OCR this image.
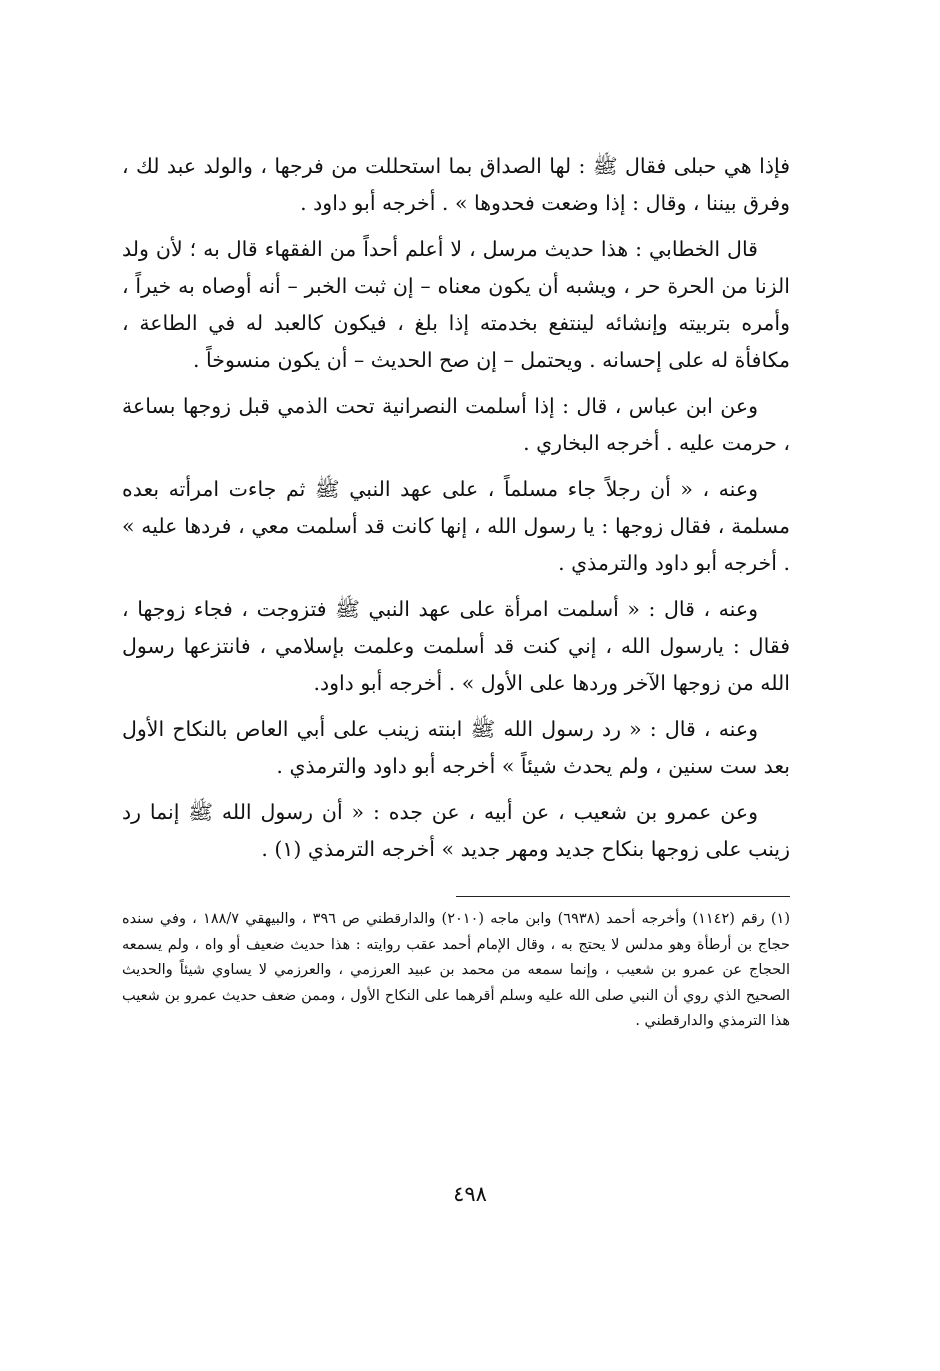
فإذا هي حبلى فقال ﷺ : لها الصداق بما استحللت من فرجها ، والولد عبد لك ، وفرق بيننا ، وقال : إذا وضعت فحدوها » . أخرجه أبو داود .

قال الخطابي : هذا حديث مرسل ، لا أعلم أحداً من الفقهاء قال به ؛ لأن ولد الزنا من الحرة حر ، ويشبه أن يكون معناه – إن ثبت الخبر – أنه أوصاه به خيراً ، وأمره بتربيته وإنشائه لينتفع بخدمته إذا بلغ ، فيكون كالعبد له في الطاعة ، مكافأة له على إحسانه . ويحتمل – إن صح الحديث – أن يكون منسوخاً .

وعن ابن عباس ، قال : إذا أسلمت النصرانية تحت الذمي قبل زوجها بساعة ، حرمت عليه . أخرجه البخاري .

وعنه ، « أن رجلاً جاء مسلماً ، على عهد النبي ﷺ ثم جاءت امرأته بعده مسلمة ، فقال زوجها : يا رسول الله ، إنها كانت قد أسلمت معي ، فردها عليه » . أخرجه أبو داود والترمذي .

وعنه ، قال : « أسلمت امرأة على عهد النبي ﷺ فتزوجت ، فجاء زوجها ، فقال : يارسول الله ، إني كنت قد أسلمت وعلمت بإسلامي ، فانتزعها رسول الله من زوجها الآخر وردها على الأول » . أخرجه أبو داود.

وعنه ، قال : « رد رسول الله ﷺ ابنته زينب على أبي العاص بالنكاح الأول بعد ست سنين ، ولم يحدث شيئاً » أخرجه أبو داود والترمذي .

وعن عمرو بن شعيب ، عن أبيه ، عن جده : « أن رسول الله ﷺ إنما رد زينب على زوجها بنكاح جديد ومهر جديد » أخرجه الترمذي (١) .

(١) رقم (١١٤٢) وأخرجه أحمد (٦٩٣٨) وابن ماجه (٢٠١٠) والدارقطني ص ٣٩٦ ، والبيهقي ١٨٨/٧ ، وفي سنده حجاج بن أرطأة وهو مدلس لا يحتج به ، وقال الإمام أحمد عقب روايته : هذا حديث ضعيف أو واه ، ولم يسمعه الحجاج عن عمرو بن شعيب ، وإنما سمعه من محمد بن عبيد العرزمي ، والعرزمي لا يساوي شيئاً والحديث الصحيح الذي روي أن النبي صلى الله عليه وسلم أقرهما على النكاح الأول ، وممن ضعف حديث عمرو بن شعيب هذا الترمذي والدارقطني .

٤٩٨
